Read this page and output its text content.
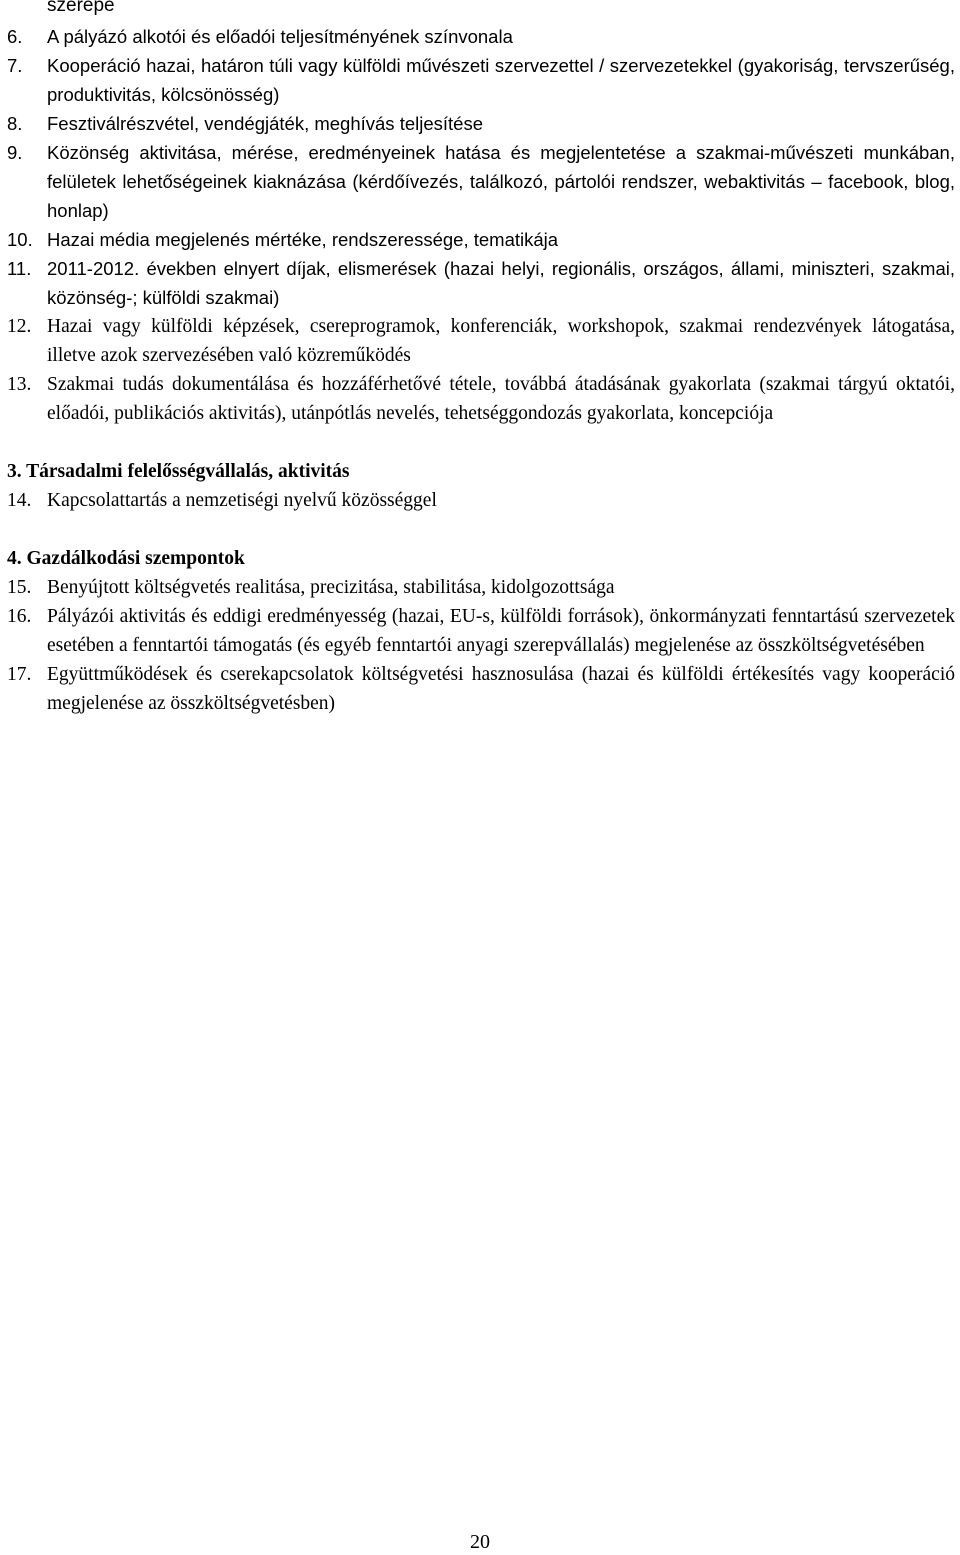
szerepe
6. A pályázó alkotói és előadói teljesítményének színvonala
7. Kooperáció hazai, határon túli vagy külföldi művészeti szervezettel / szervezetekkel (gyakoriság, tervszerűség, produktivitás, kölcsönösség)
8. Fesztiválrészvétel, vendégjáték, meghívás teljesítése
9. Közönség aktivitása, mérése, eredményeinek hatása és megjelentetése a szakmai-művészeti munkában, felületek lehetőségeinek kiaknázása (kérdőívezés, találkozó, pártolói rendszer, webaktivitás – facebook, blog, honlap)
10. Hazai média megjelenés mértéke, rendszeressége, tematikája
11. 2011-2012. években elnyert díjak, elismerések (hazai helyi, regionális, országos, állami, miniszteri, szakmai, közönség-; külföldi szakmai)
12. Hazai vagy külföldi képzések, csereprogramok, konferenciák, workshopok, szakmai rendezvények látogatása, illetve azok szervezésében való közreműködés
13. Szakmai tudás dokumentálása és hozzáférhetővé tétele, továbbá átadásának gyakorlata (szakmai tárgyú oktatói, előadói, publikációs aktivitás), utánpótlás nevelés, tehetséggondozás gyakorlata, koncepciója
3. Társadalmi felelősségvállalás, aktivitás
14. Kapcsolattartás a nemzetiségi nyelvű közösséggel
4. Gazdálkodási szempontok
15. Benyújtott költségvetés realitása, precizitása, stabilitása, kidolgozottsága
16. Pályázói aktivitás és eddigi eredményesség (hazai, EU-s, külföldi források), önkormányzati fenntartású szervezetek esetében a fenntartói támogatás (és egyéb fenntartói anyagi szerepvállalás) megjelenése az összköltségvetésében
17. Együttműködések és cserekapcsolatok költségvetési hasznosulása (hazai és külföldi értékesítés vagy kooperáció megjelenése az összköltségvetésben)
20
